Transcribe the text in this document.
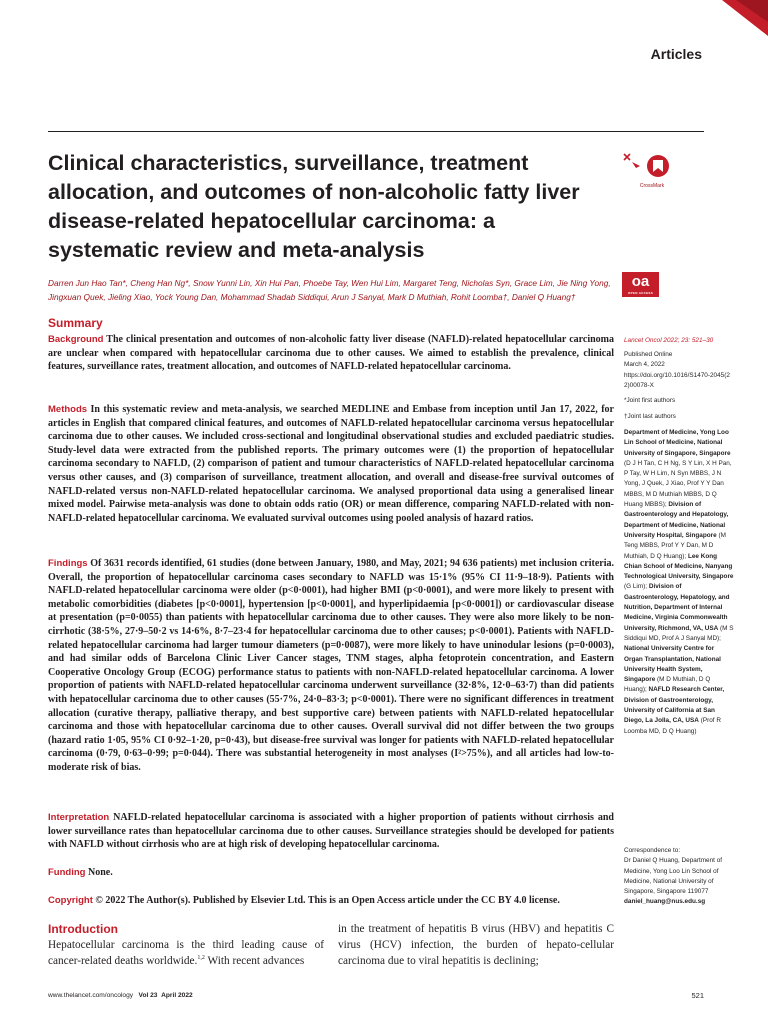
Articles
Clinical characteristics, surveillance, treatment allocation, and outcomes of non-alcoholic fatty liver disease-related hepatocellular carcinoma: a systematic review and meta-analysis
CrossMark

Darren Jun Hao Tan*, Cheng Han Ng*, Snow Yunni Lin, Xin Hui Pan, Phoebe Tay, Wen Hui Lim, Margaret Teng, Nicholas Syn, Grace Lim, Jie Ning Yong, Jingxuan Quek, Jieling Xiao, Yock Young Dan, Mohammad Shadab Siddiqui, Arun J Sanyal, Mark D Muthiah, Rohit Loomba†, Daniel Q Huang†

oa
OPEN ACCESS
Summary

Background The clinical presentation and outcomes of non-alcoholic fatty liver disease (NAFLD)-related hepatocellular carcinoma are unclear when compared with hepatocellular carcinoma due to other causes. We aimed to establish the prevalence, clinical features, surveillance rates, treatment allocation, and outcomes of NAFLD-related hepatocellular carcinoma.

Methods In this systematic review and meta-analysis, we searched MEDLINE and Embase from inception until Jan 17, 2022, for articles in English that compared clinical features, and outcomes of NAFLD-related hepatocellular carcinoma versus hepatocellular carcinoma due to other causes. We included cross-sectional and longitudinal observational studies and excluded paediatric studies. Study-level data were extracted from the published reports. The primary outcomes were (1) the proportion of hepatocellular carcinoma secondary to NAFLD, (2) comparison of patient and tumour characteristics of NAFLD-related hepatocellular carcinoma versus other causes, and (3) comparison of surveillance, treatment allocation, and overall and disease-free survival outcomes of NAFLD-related versus non-NAFLD-related hepatocellular carcinoma. We analysed proportional data using a generalised linear mixed model. Pairwise meta-analysis was done to obtain odds ratio (OR) or mean difference, comparing NAFLD-related with non-NAFLD-related hepatocellular carcinoma. We evaluated survival outcomes using pooled analysis of hazard ratios.

Findings Of 3631 records identified, 61 studies (done between January, 1980, and May, 2021; 94 636 patients) met inclusion criteria. Overall, the proportion of hepatocellular carcinoma cases secondary to NAFLD was 15·1% (95% CI 11·9–18·9). Patients with NAFLD-related hepatocellular carcinoma were older (p<0·0001), had higher BMI (p<0·0001), and were more likely to present with metabolic comorbidities (diabetes [p<0·0001], hypertension [p<0·0001], and hyperlipidaemia [p<0·0001]) or cardiovascular disease at presentation (p=0·0055) than patients with hepatocellular carcinoma due to other causes. They were also more likely to be non-cirrhotic (38·5%, 27·9–50·2 vs 14·6%, 8·7–23·4 for hepatocellular carcinoma due to other causes; p<0·0001). Patients with NAFLD-related hepatocellular carcinoma had larger tumour diameters (p=0·0087), were more likely to have uninodular lesions (p=0·0003), and had similar odds of Barcelona Clinic Liver Cancer stages, TNM stages, alpha fetoprotein concentration, and Eastern Cooperative Oncology Group (ECOG) performance status to patients with non-NAFLD-related hepatocellular carcinoma. A lower proportion of patients with NAFLD-related hepatocellular carcinoma underwent surveillance (32·8%, 12·0–63·7) than did patients with hepatocellular carcinoma due to other causes (55·7%, 24·0–83·3; p<0·0001). There were no significant differences in treatment allocation (curative therapy, palliative therapy, and best supportive care) between patients with NAFLD-related hepatocellular carcinoma and those with hepatocellular carcinoma due to other causes. Overall survival did not differ between the two groups (hazard ratio 1·05, 95% CI 0·92–1·20, p=0·43), but disease-free survival was longer for patients with NAFLD-related hepatocellular carcinoma (0·79, 0·63–0·99; p=0·044). There was substantial heterogeneity in most analyses (I²>75%), and all articles had low-to-moderate risk of bias.

Interpretation NAFLD-related hepatocellular carcinoma is associated with a higher proportion of patients without cirrhosis and lower surveillance rates than hepatocellular carcinoma due to other causes. Surveillance strategies should be developed for patients with NAFLD without cirrhosis who are at high risk of developing hepatocellular carcinoma.

Funding None.

Copyright © 2022 The Author(s). Published by Elsevier Ltd. This is an Open Access article under the CC BY 4.0 license.

Introduction

Hepatocellular carcinoma is the third leading cause of cancer-related deaths worldwide.$^{1,2}$ With recent advances

in the treatment of hepatitis B virus (HBV) and hepatitis C virus (HCV) infection, the burden of hepato-cellular carcinoma due to viral hepatitis is declining;

Lancet Oncol 2022; 23: 521–30
Published Online
March 4, 2022
https://doi.org/10.1016/S1470-2045(22)00078-X
*Joint first authors
†Joint last authors
Department of Medicine, Yong Loo Lin School of Medicine, National University of Singapore, Singapore (D J H Tan, C H Ng, S Y Lin, X H Pan, P Tay, W H Lim, N Syn MBBS, J N Yong, J Quek, J Xiao, Prof Y Y Dan MBBS, M D Muthiah MBBS, D Q Huang MBBS); Division of Gastroenterology and Hepatology, Department of Medicine, National University Hospital, Singapore (M Teng MBBS, Prof Y Y Dan, M D Muthiah, D Q Huang); Lee Kong Chian School of Medicine, Nanyang Technological University, Singapore (G Lim); Division of Gastroenterology, Hepatology, and Nutrition, Department of Internal Medicine, Virginia Commonwealth University, Richmond, VA, USA (M S Siddiqui MD, Prof A J Sanyal MD); National University Centre for Organ Transplantation, National University Health System, Singapore (M D Muthiah, D Q Huang); NAFLD Research Center, Division of Gastroenterology, University of California at San Diego, La Jolla, CA, USA (Prof R Loomba MD, D Q Huang)
Correspondence to:
Dr Daniel Q Huang, Department of Medicine, Yong Loo Lin School of Medicine, National University of Singapore, Singapore 119077
daniel_huang@nus.edu.sg
www.thelancet.com/oncology Vol 23 April 2022	521
